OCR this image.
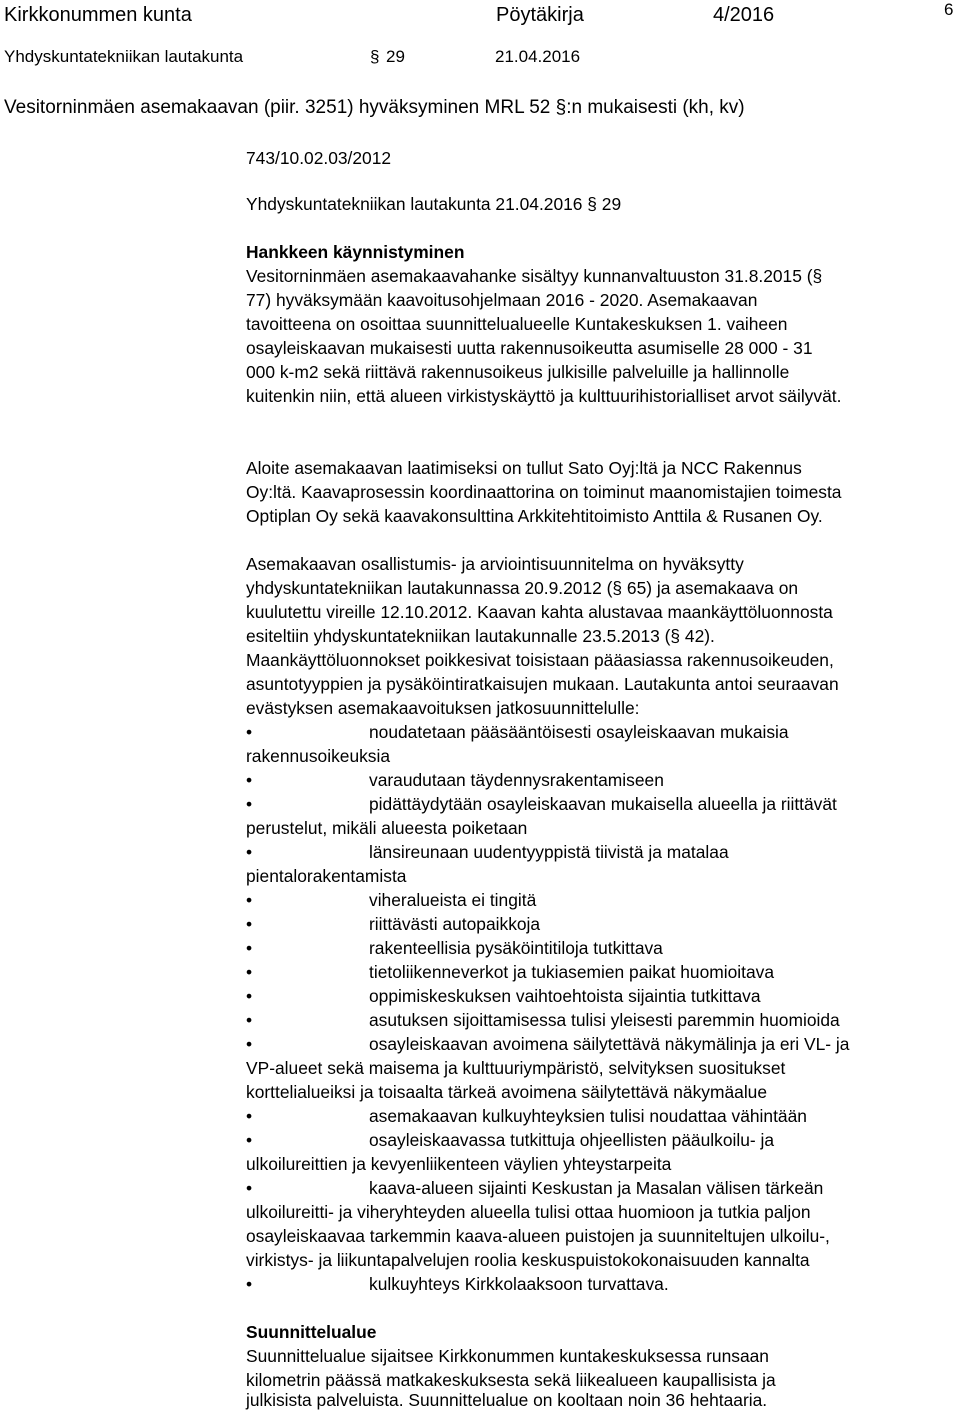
Kirkkonummen kunta	Pöytäkirja	4/2016	6
Yhdyskuntatekniikan lautakunta	§ 29	21.04.2016
Vesitorninmäen asemakaavan (piir. 3251) hyväksyminen MRL 52 §:n mukaisesti (kh, kv)
743/10.02.03/2012
Yhdyskuntatekniikan lautakunta 21.04.2016 § 29
Hankkeen käynnistyminen
Vesitorninmäen asemakaavahanke sisältyy kunnanvaltuuston 31.8.2015 (§
77) hyväksymään kaavoitusohjelmaan 2016 - 2020. Asemakaavan
tavoitteena on osoittaa suunnittelualueelle Kuntakeskuksen 1. vaiheen
osayleiskaavan mukaisesti uutta rakennusoikeutta asumiselle 28 000 - 31
000 k-m2 sekä riittävä rakennusoikeus julkisille palveluille ja hallinnolle
kuitenkin niin, että alueen virkistyskäyttö ja kulttuurihistorialliset arvot säilyvät.
Aloite asemakaavan laatimiseksi on tullut Sato Oyj:ltä ja NCC Rakennus
Oy:ltä. Kaavaprosessin koordinaattorina on toiminut maanomistajien toimesta
Optiplan Oy sekä kaavakonsulttina Arkkitehtitoimisto Anttila & Rusanen Oy.
Asemakaavan osallistumis- ja arviointisuunnitelma on hyväksytty
yhdyskuntatekniikan lautakunnassa 20.9.2012 (§ 65) ja asemakaava on
kuulutettu vireille 12.10.2012. Kaavan kahta alustavaa maankäyttöluonnosta
esiteltiin yhdyskuntatekniikan lautakunnalle 23.5.2013 (§ 42).
Maankäyttöluonnokset poikkesivat toisistaan pääasiassa rakennusoikeuden,
asuntotyyppien ja pysäköintiratkaisujen mukaan. Lautakunta antoi seuraavan
evästyksen asemakaavoituksen jatkosuunnittelulle:
•	noudatetaan pääsääntöisesti osayleiskaavan mukaisia
rakennusoikeuksia
•	varaudutaan täydennysrakentamiseen
•	pidättäydytään osayleiskaavan mukaisella alueella ja riittävät
perustelut, mikäli alueesta poiketaan
•	länsireunaan uudentyyppistä tiivistä ja matalaa
pientalorakentamista
•	viheralueista ei tingitä
•	riittävästi autopaikkoja
•	rakenteellisia pysäköintitiloja tutkittava
•	tietoliikenneverkot ja tukiasemien paikat huomioitava
•	oppimiskeskuksen vaihtoehtoista sijaintia tutkittava
•	asutuksen sijoittamisessa tulisi yleisesti paremmin huomioida
•	osayleiskaavan avoimena säilytettävä näkymälinja ja eri VL- ja
VP-alueet sekä maisema ja kulttuuriympäristö, selvityksen suositukset
korttelialueiksi ja toisaalta tärkeä avoimena säilytettävä näkymäalue
•	asemakaavan kulkuyhteyksien tulisi noudattaa vähintään
•	osayleiskaavassa tutkittuja ohjeellisten pääulkoilu- ja
ulkoilureittien ja kevyenliikenteen väylien yhteystarpeita
•	kaava-alueen sijainti Keskustan ja Masalan välisen tärkeän
ulkoilureitti- ja viheryhteyden alueella tulisi ottaa huomioon ja tutkia paljon
osayleiskaavaa tarkemmin kaava-alueen puistojen ja suunniteltujen ulkoilu-,
virkistys- ja liikuntapalvelujen roolia keskuspuistokokonaisuuden kannalta
•	kulkuyhteys Kirkkolaaksoon turvattava.
Suunnittelualue
Suunnittelualue sijaitsee Kirkkonummen kuntakeskuksessa runsaan
kilometrin päässä matkakeskuksesta sekä liikealueen kaupallisista ja
julkisista palveluista. Suunnittelualue on kooltaan noin 36 hehtaaria.
